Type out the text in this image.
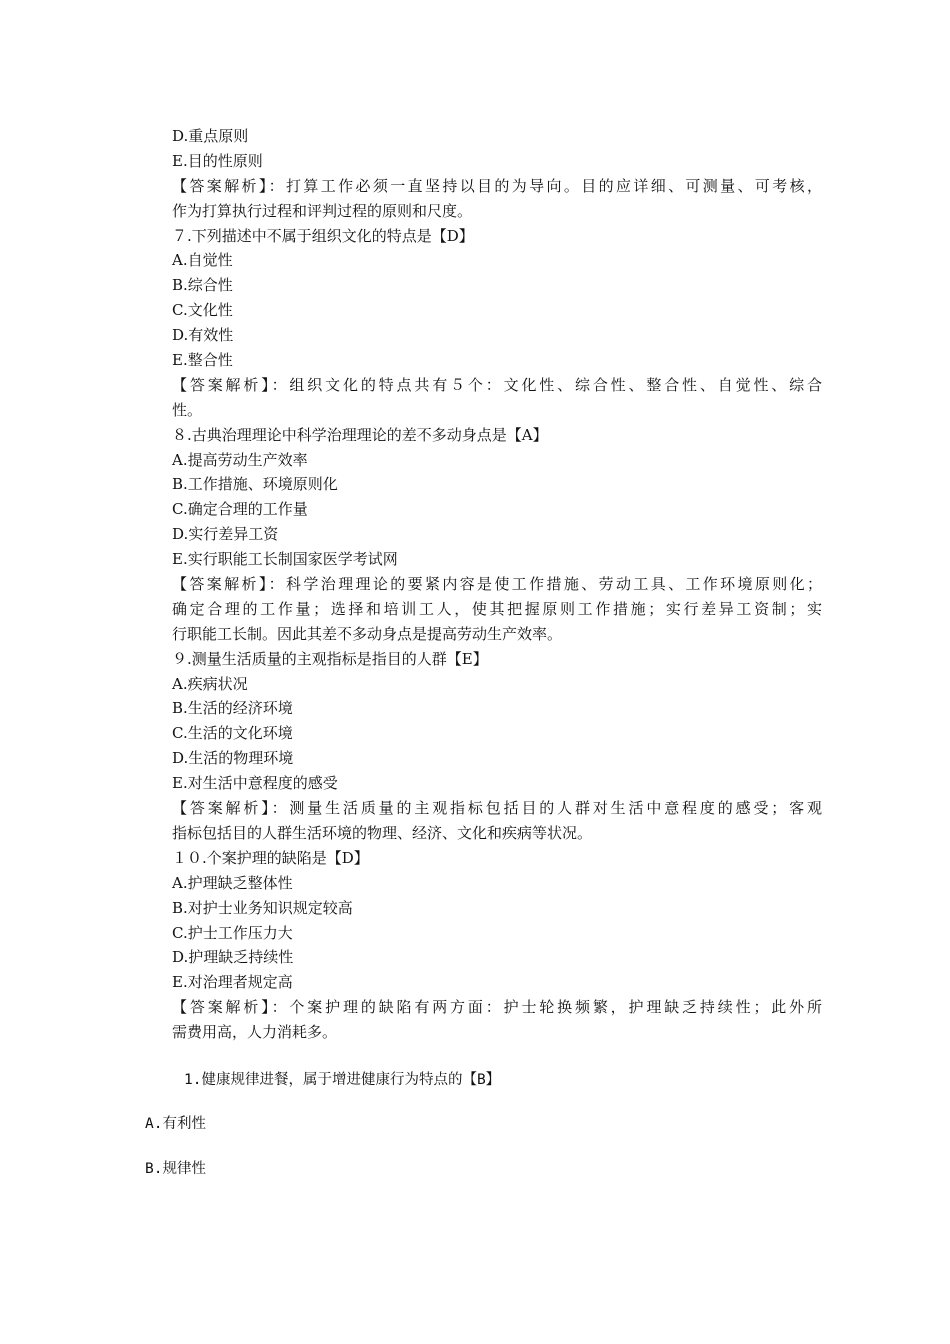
D.重点原则
E.目的性原则
【答案解析】：打算工作必须一直坚持以目的为导向。目的应详细、可测量、可考核，
作为打算执行过程和评判过程的原则和尺度。
７.下列描述中不属于组织文化的特点是【D】
A.自觉性
B.综合性
C.文化性
D.有效性
E.整合性
【答案解析】：组织文化的特点共有５个：文化性、综合性、整合性、自觉性、综合
性。
８.古典治理理论中科学治理理论的差不多动身点是【A】
A.提高劳动生产效率
B.工作措施、环境原则化
C.确定合理的工作量
D.实行差异工资
E.实行职能工长制国家医学考试网
【答案解析】：科学治理理论的要紧内容是使工作措施、劳动工具、工作环境原则化；
确定合理的工作量；选择和培训工人，使其把握原则工作措施；实行差异工资制；实
行职能工长制。因此其差不多动身点是提高劳动生产效率。
９.测量生活质量的主观指标是指目的人群【E】
A.疾病状况
B.生活的经济环境
C.生活的文化环境
D.生活的物理环境
E.对生活中意程度的感受
【答案解析】：测量生活质量的主观指标包括目的人群对生活中意程度的感受；客观
指标包括目的人群生活环境的物理、经济、文化和疾病等状况。
１０.个案护理的缺陷是【D】
A.护理缺乏整体性
B.对护士业务知识规定较高
C.护士工作压力大
D.护理缺乏持续性
E.对治理者规定高
【答案解析】：个案护理的缺陷有两方面：护士轮换频繁，护理缺乏持续性；此外所
需费用高，人力消耗多。
1.健康规律进餐，属于增进健康行为特点的【B】
A.有利性
B.规律性
